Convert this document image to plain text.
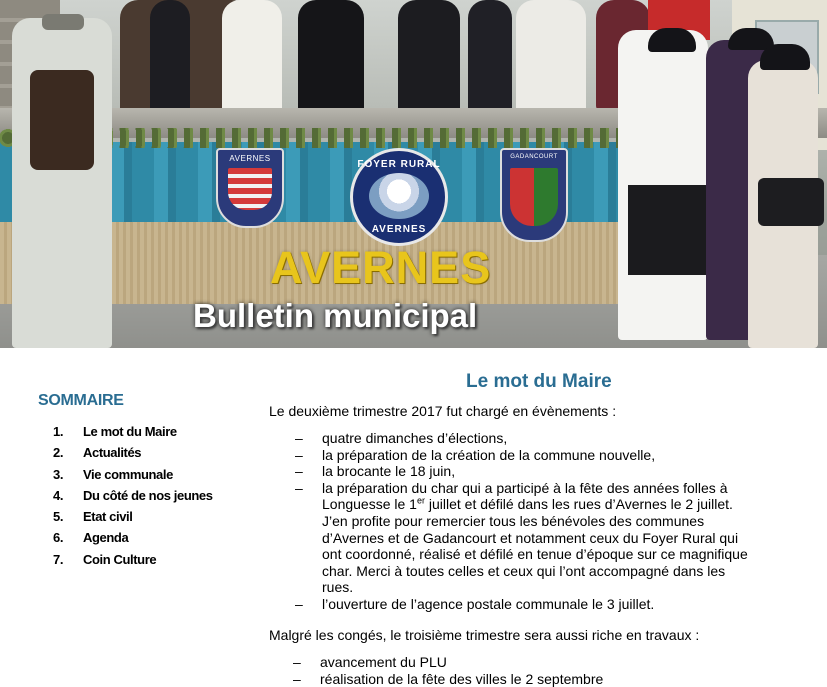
AVERNES	GADANCOURT
FOYER RURAL
AVERNES
AVERNES
Bulletin municipal
SOMMAIRE
1. Le mot du Maire
2. Actualités
3. Vie communale
4. Du côté de nos jeunes
5. Etat civil
6. Agenda
7. Coin Culture
Le mot du Maire

Le deuxième trimestre 2017 fut chargé en évènements :

– quatre dimanches d’élections,
– la préparation de la création de la commune nouvelle,
– la brocante le 18 juin,
– la préparation du char qui a participé à la fête des années folles à
Longuesse le 1er juillet et défilé dans les rues d’Avernes le 2 juillet.
J’en profite pour remercier tous les bénévoles des communes
d’Avernes et de Gadancourt et notamment ceux du Foyer Rural qui
ont coordonné, réalisé et défilé en tenue d’époque sur ce magnifique
char. Merci à toutes celles et ceux qui l’ont accompagné dans les
rues.
– l’ouverture de l’agence postale communale le 3 juillet.

Malgré les congés, le troisième trimestre sera aussi riche en travaux :

– avancement du PLU
– réalisation de la fête des villes le 2 septembre
